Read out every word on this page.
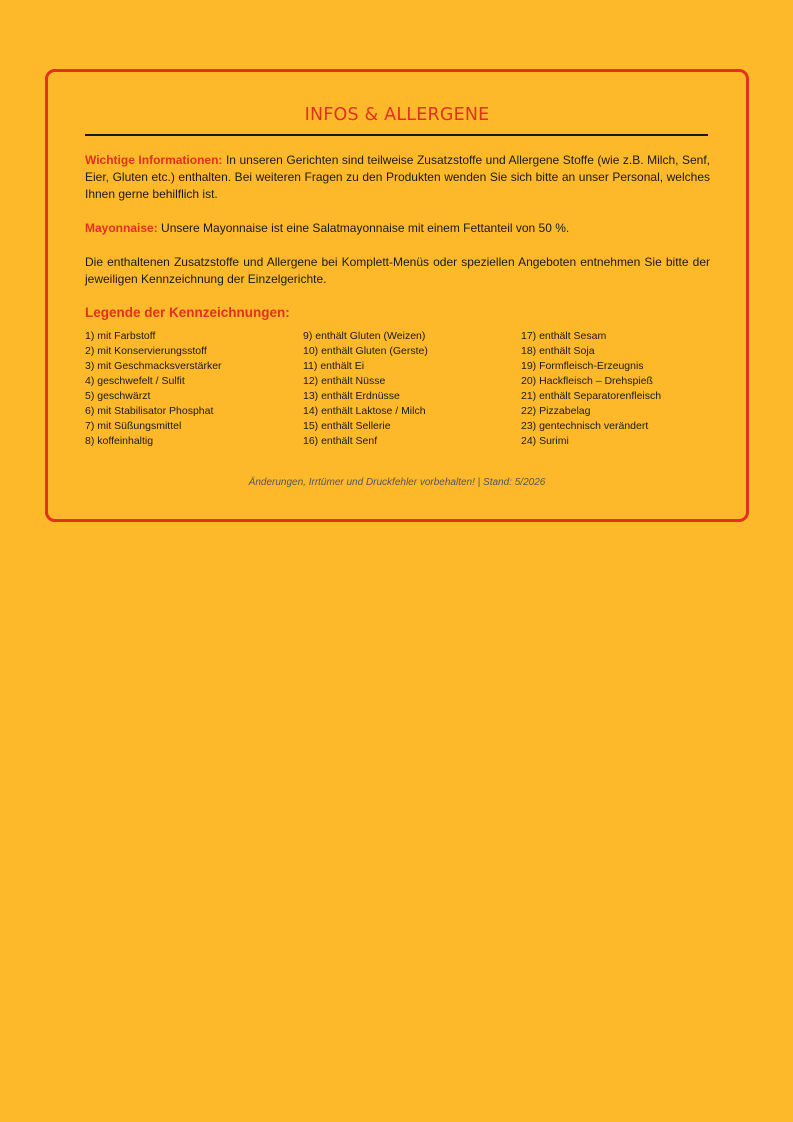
INFOS & ALLERGENE

Wichtige Informationen: In unseren Gerichten sind teilweise Zusatzstoffe und Allergene Stoffe (wie z.B. Milch, Senf, Eier, Gluten etc.) enthalten. Bei weiteren Fragen zu den Produkten wenden Sie sich bitte an unser Personal, welches Ihnen gerne behilflich ist.

Mayonnaise: Unsere Mayonnaise ist eine Salatmayonnaise mit einem Fettanteil von 50 %.

Die enthaltenen Zusatzstoffe und Allergene bei Komplett-Menüs oder speziellen Angeboten entnehmen Sie bitte der jeweiligen Kennzeichnung der Einzelgerichte.

Legende der Kennzeichnungen:
1) mit Farbstoff
2) mit Konservierungsstoff
3) mit Geschmacksverstärker
4) geschwefelt / Sulfit
5) geschwärzt
6) mit Stabilisator Phosphat
7) mit Süßungsmittel
8) koffeinhaltig
9) enthält Gluten (Weizen)
10) enthält Gluten (Gerste)
11) enthält Ei
12) enthält Nüsse
13) enthält Erdnüsse
14) enthält Laktose / Milch
15) enthält Sellerie
16) enthält Senf
17) enthält Sesam
18) enthält Soja
19) Formfleisch-Erzeugnis
20) Hackfleisch – Drehspieß
21) enthält Separatorenfleisch
22) Pizzabelag
23) gentechnisch verändert
24) Surimi
Änderungen, Irrtümer und Druckfehler vorbehalten! | Stand: 5/2026
